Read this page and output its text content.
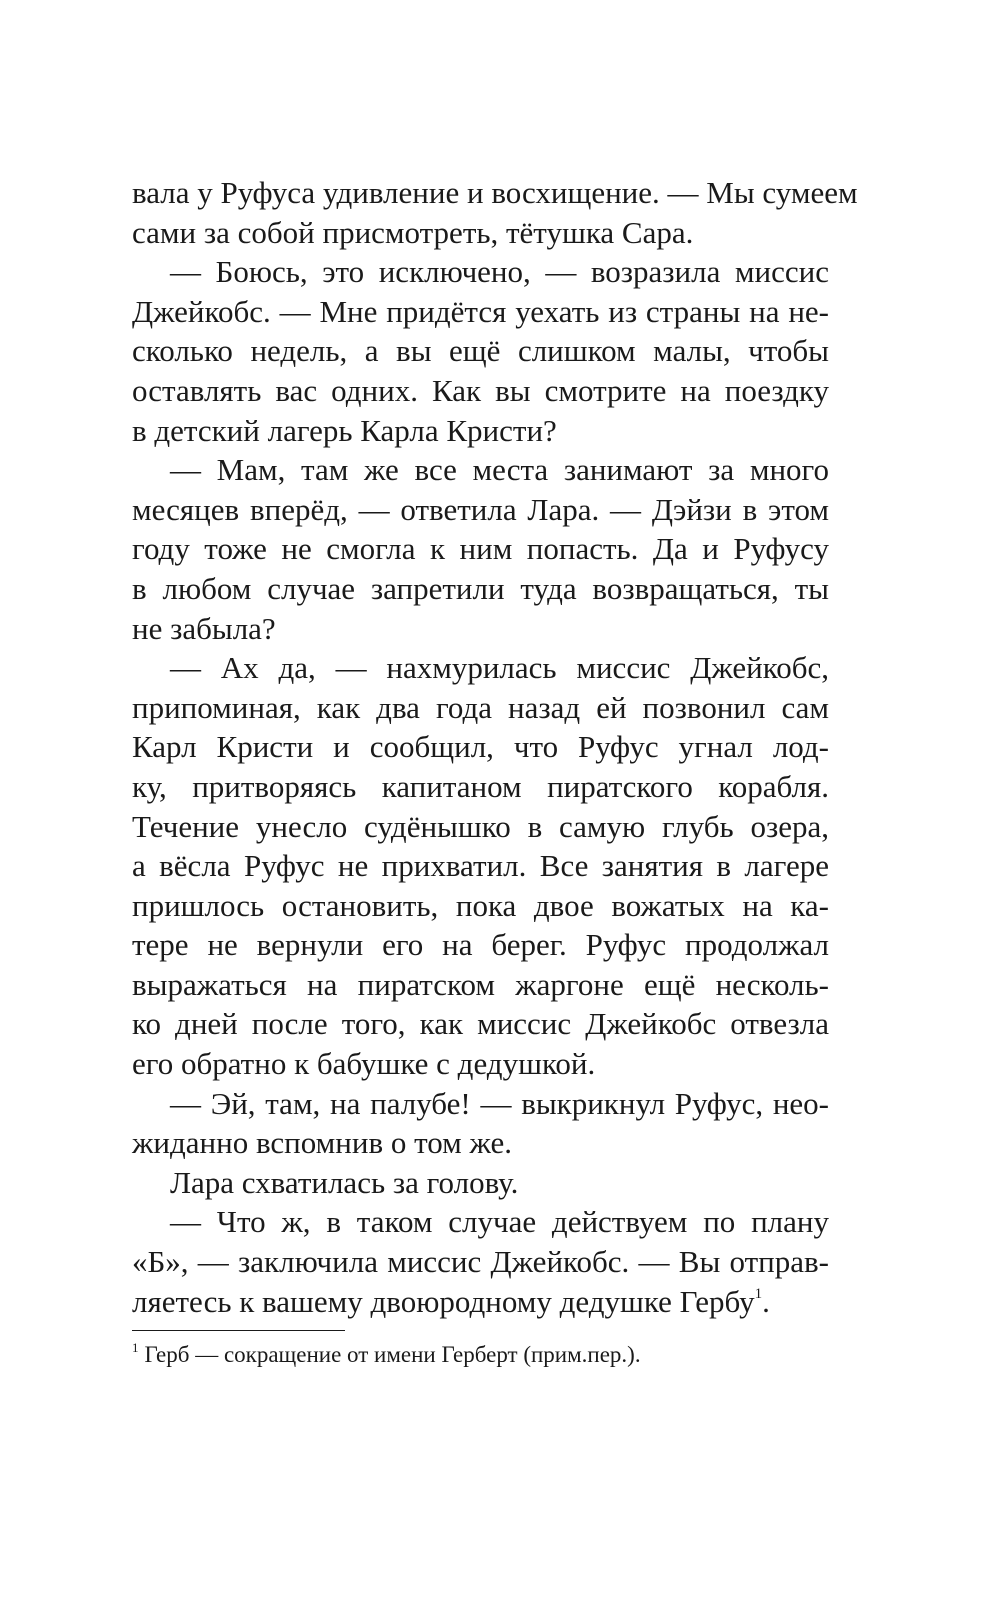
вала у Руфуса удивление и восхищение. — Мы сумеем
сами за собой присмотреть, тётушка Сара.
— Боюсь, это исключено, — возразила миссис
Джейкобс. — Мне придётся уехать из страны на не-
сколько недель, а вы ещё слишком малы, чтобы
оставлять вас одних. Как вы смотрите на поездку
в детский лагерь Карла Кристи?
— Мам, там же все места занимают за много
месяцев вперёд, — ответила Лара. — Дэйзи в этом
году тоже не смогла к ним попасть. Да и Руфусу
в любом случае запретили туда возвращаться, ты
не забыла?
— Ах да, — нахмурилась миссис Джейкобс,
припоминая, как два года назад ей позвонил сам
Карл Кристи и сообщил, что Руфус угнал лод-
ку, притворяясь капитаном пиратского корабля.
Течение унесло судёнышко в самую глубь озера,
а вёсла Руфус не прихватил. Все занятия в лагере
пришлось остановить, пока двое вожатых на ка-
тере не вернули его на берег. Руфус продолжал
выражаться на пиратском жаргоне ещё несколь-
ко дней после того, как миссис Джейкобс отвезла
его обратно к бабушке с дедушкой.
— Эй, там, на палубе! — выкрикнул Руфус, нео-
жиданно вспомнив о том же.
Лара схватилась за голову.
— Что ж, в таком случае действуем по плану
«Б», — заключила миссис Джейкобс. — Вы отправ-
ляетесь к вашему двоюродному дедушке Гербу$^1$.
$^1$ Герб — сокращение от имени Герберт (прим.пер.).
